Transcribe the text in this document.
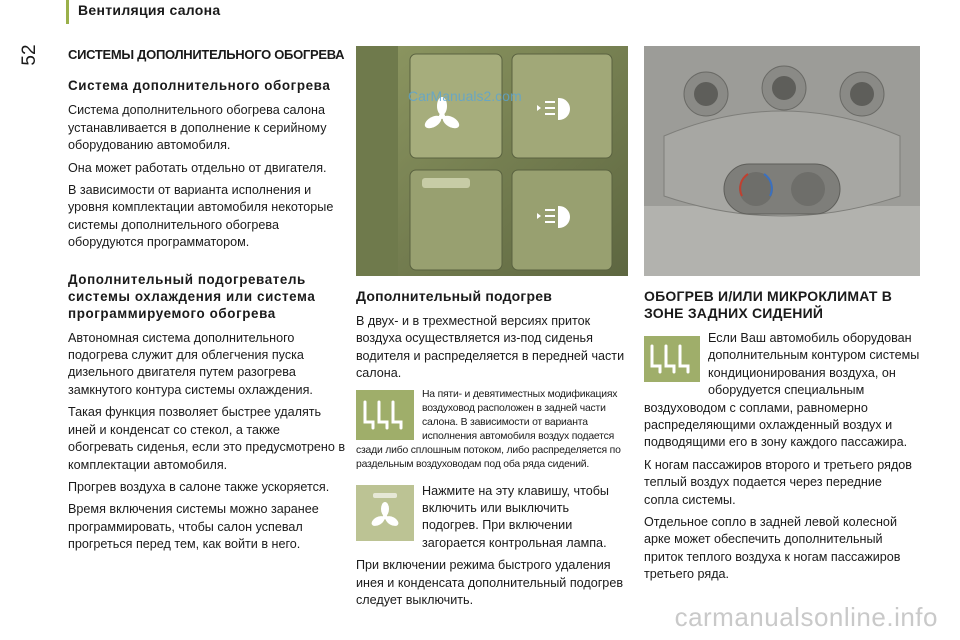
Вентиляция салона
52	СИСТЕМЫ ДОПОЛНИТЕЛЬНОГО ОБОГРЕВА
Система дополнительного обогрева

Система дополнительного обогрева салона устанавливается в дополнение к серийному оборудованию автомобиля.

Она может работать отдельно от двигателя.

В зависимости от варианта исполнения и уровня комплектации автомобиля некоторые системы дополнительного обогрева оборудуются программатором.

Дополнительный подогреватель системы охлаждения или система программируемого обогрева

Автономная система дополнительного подогрева служит для облегчения пуска дизельного двигателя путем разогрева замкнутого контура системы охлаждения.

Такая функция позволяет быстрее удалять иней и конденсат со стекол, а также обогревать сиденья, если это предусмотрено в комплектации автомобиля.

Прогрев воздуха в салоне также ускоряется.

Время включения системы можно заранее программировать, чтобы салон успевал прогреться перед тем, как войти в него.

CarManuals2.com
Дополнительный подогрев

В двух- и в трехместной версиях приток воздуха осуществляется из-под сиденья водителя и распределяется в передней части салона.

На пяти- и девятиместных модификациях воздуховод расположен в задней части салона. В зависимости от варианта исполнения автомобиля воздух подается сзади либо сплошным потоком, либо распределяется по раздельным воздуховодам под оба ряда сидений.

Нажмите на эту клавишу, чтобы включить или выключить подогрев. При включении загорается контрольная лампа.

При включении режима быстрого удаления инея и конденсата дополнительный подогрев следует выключить.

ОБОГРЕВ И/ИЛИ МИКРОКЛИМАТ В ЗОНЕ ЗАДНИХ СИДЕНИЙ

Если Ваш автомобиль оборудован дополнительным контуром системы кондиционирования воздуха, он оборудуется специальным воздуховодом с соплами, равномерно распределяющими охлажденный воздух и подводящими его в зону каждого пассажира.

К ногам пассажиров второго и третьего рядов теплый воздух подается через передние сопла системы.

Отдельное сопло в задней левой колесной арке может обеспечить дополнительный приток теплого воздуха к ногам пассажиров третьего ряда.

carmanualsonline.info
